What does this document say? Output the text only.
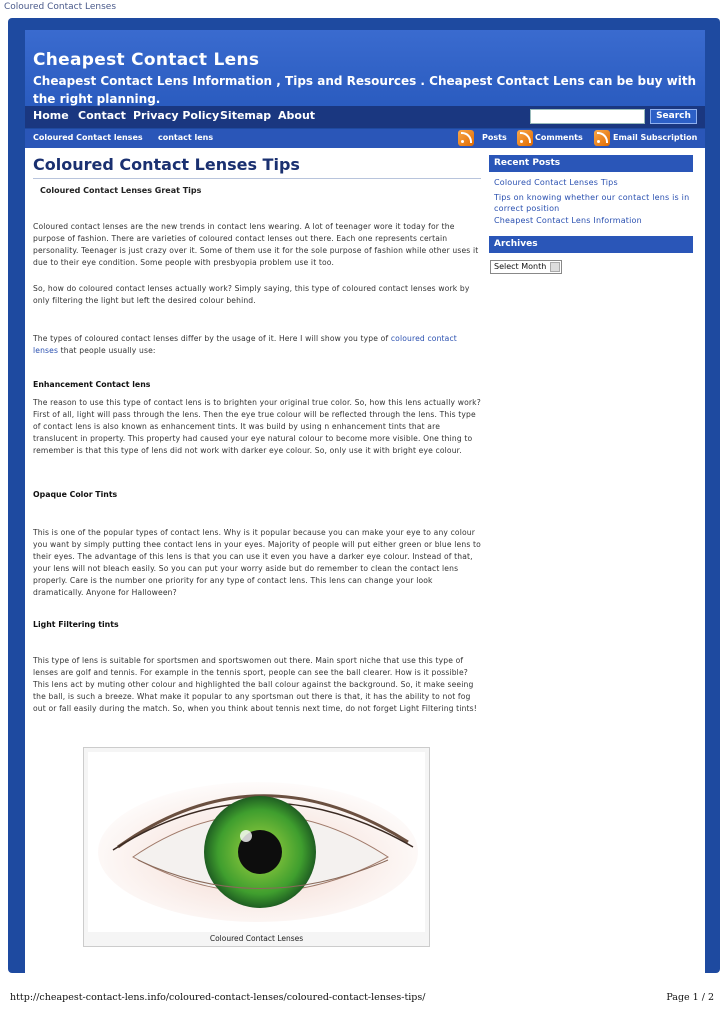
Coloured Contact Lenses
Cheapest Contact Lens
Cheapest Contact Lens Information , Tips and Resources . Cheapest Contact Lens can be buy with the right planning.
Home Contact Privacy Policy Sitemap About	Search
Coloured Contact lenses contact lens	Posts	Comments	Email Subscription
Coloured Contact Lenses Tips
Coloured Contact Lenses Great Tips
Coloured contact lenses are the new trends in contact lens wearing. A lot of teenager wore it today for the purpose of fashion. There are varieties of coloured contact lenses out there. Each one represents certain personality. Teenager is just crazy over it. Some of them use it for the sole purpose of fashion while other uses it due to their eye condition. Some people with presbyopia problem use it too.
So, how do coloured contact lenses actually work? Simply saying, this type of coloured contact lenses work by only filtering the light but left the desired colour behind.
The types of coloured contact lenses differ by the usage of it. Here I will show you type of coloured contact lenses that people usually use:
Enhancement Contact lens
The reason to use this type of contact lens is to brighten your original true color. So, how this lens actually work? First of all, light will pass through the lens. Then the eye true colour will be reflected through the lens. This type of contact lens is also known as enhancement tints. It was build by using n enhancement tints that are translucent in property. This property had caused your eye natural colour to become more visible. One thing to remember is that this type of lens did not work with darker eye colour. So, only use it with bright eye colour.
Opaque Color Tints
This is one of the popular types of contact lens. Why is it popular because you can make your eye to any colour you want by simply putting thee contact lens in your eyes. Majority of people will put either green or blue lens to their eyes. The advantage of this lens is that you can use it even you have a darker eye colour. Instead of that, your lens will not bleach easily. So you can put your worry aside but do remember to clean the contact lens properly. Care is the number one priority for any type of contact lens. This lens can change your look dramatically. Anyone for Halloween?
Light Filtering tints
This type of lens is suitable for sportsmen and sportswomen out there. Main sport niche that use this type of lenses are golf and tennis. For example in the tennis sport, people can see the ball clearer. How is it possible? This lens act by muting other colour and highlighted the ball colour against the background. So, it make seeing the ball, is such a breeze. What make it popular to any sportsman out there is that, it has the ability to not fog out or fall easily during the match. So, when you think about tennis next time, do not forget Light Filtering tints!
Coloured Contact Lenses
Recent Posts
Coloured Contact Lenses Tips
Tips on knowing whether our contact lens is in correct position
Cheapest Contact Lens Information
Archives
Select Month
http://cheapest-contact-lens.info/coloured-contact-lenses/coloured-contact-lenses-tips/	Page 1 / 2
